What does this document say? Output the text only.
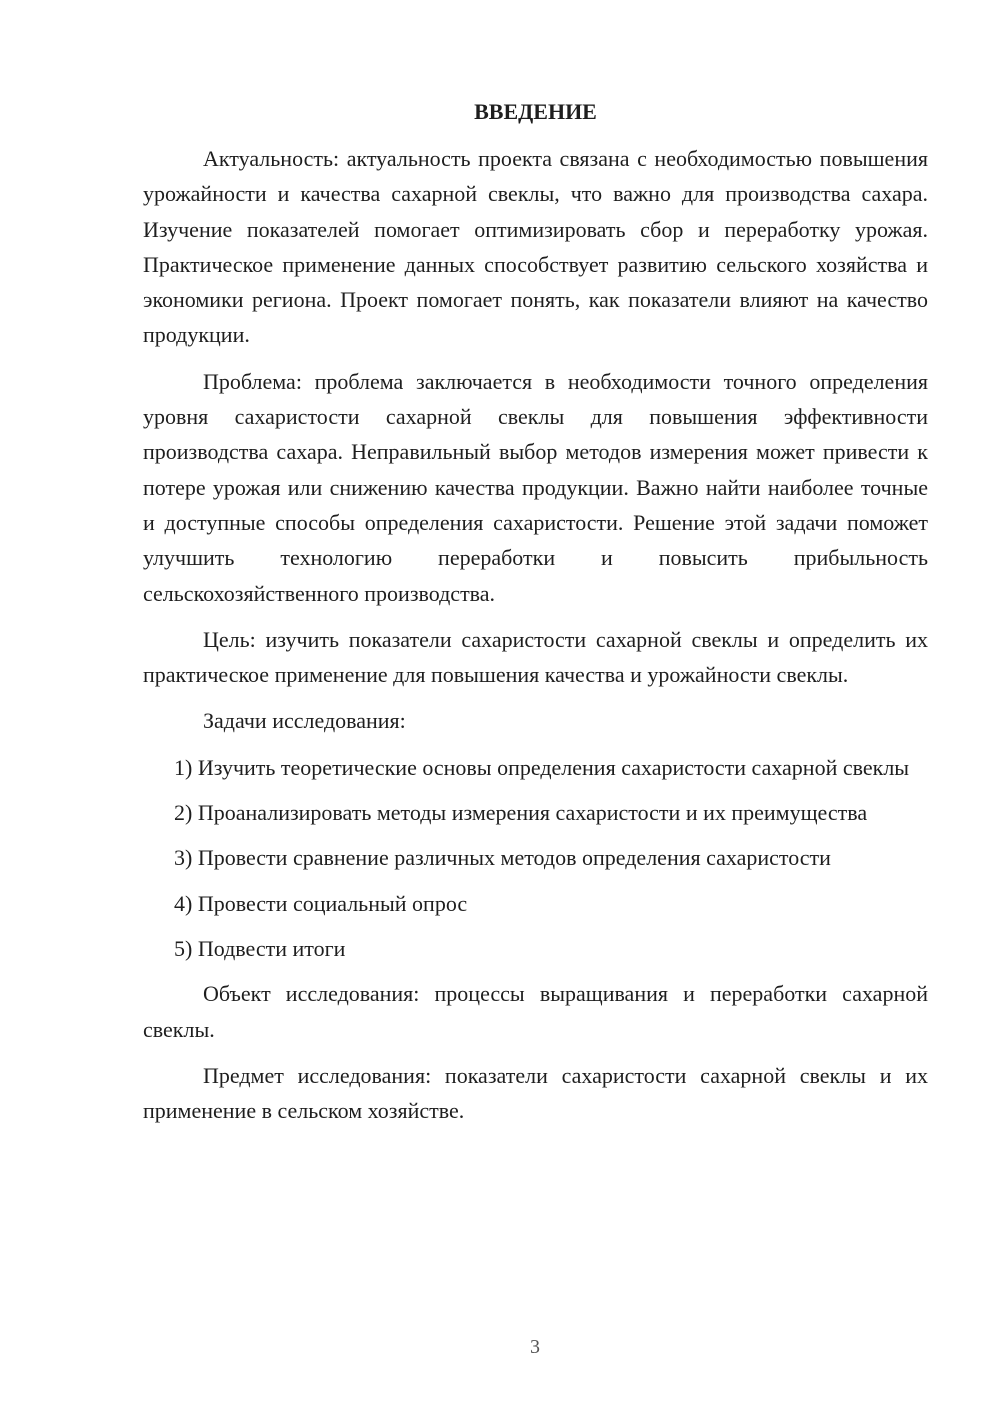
ВВЕДЕНИЕ

Актуальность: актуальность проекта связана с необходимостью повышения урожайности и качества сахарной свеклы, что важно для производства сахара. Изучение показателей помогает оптимизировать сбор и переработку урожая. Практическое применение данных способствует развитию сельского хозяйства и экономики региона. Проект помогает понять, как показатели влияют на качество продукции.

Проблема: проблема заключается в необходимости точного определения уровня сахаристости сахарной свеклы для повышения эффективности производства сахара. Неправильный выбор методов измерения может привести к потере урожая или снижению качества продукции. Важно найти наиболее точные и доступные способы определения сахаристости. Решение этой задачи поможет улучшить технологию переработки и повысить прибыльность сельскохозяйственного производства.

Цель: изучить показатели сахаристости сахарной свеклы и определить их практическое применение для повышения качества и урожайности свеклы.

Задачи исследования:

1) Изучить теоретические основы определения сахаристости сахарной свеклы

2) Проанализировать методы измерения сахаристости и их преимущества

3) Провести сравнение различных методов определения сахаристости

4) Провести социальный опрос

5) Подвести итоги

Объект исследования: процессы выращивания и переработки сахарной свеклы.

Предмет исследования: показатели сахаристости сахарной свеклы и их применение в сельском хозяйстве.

3
